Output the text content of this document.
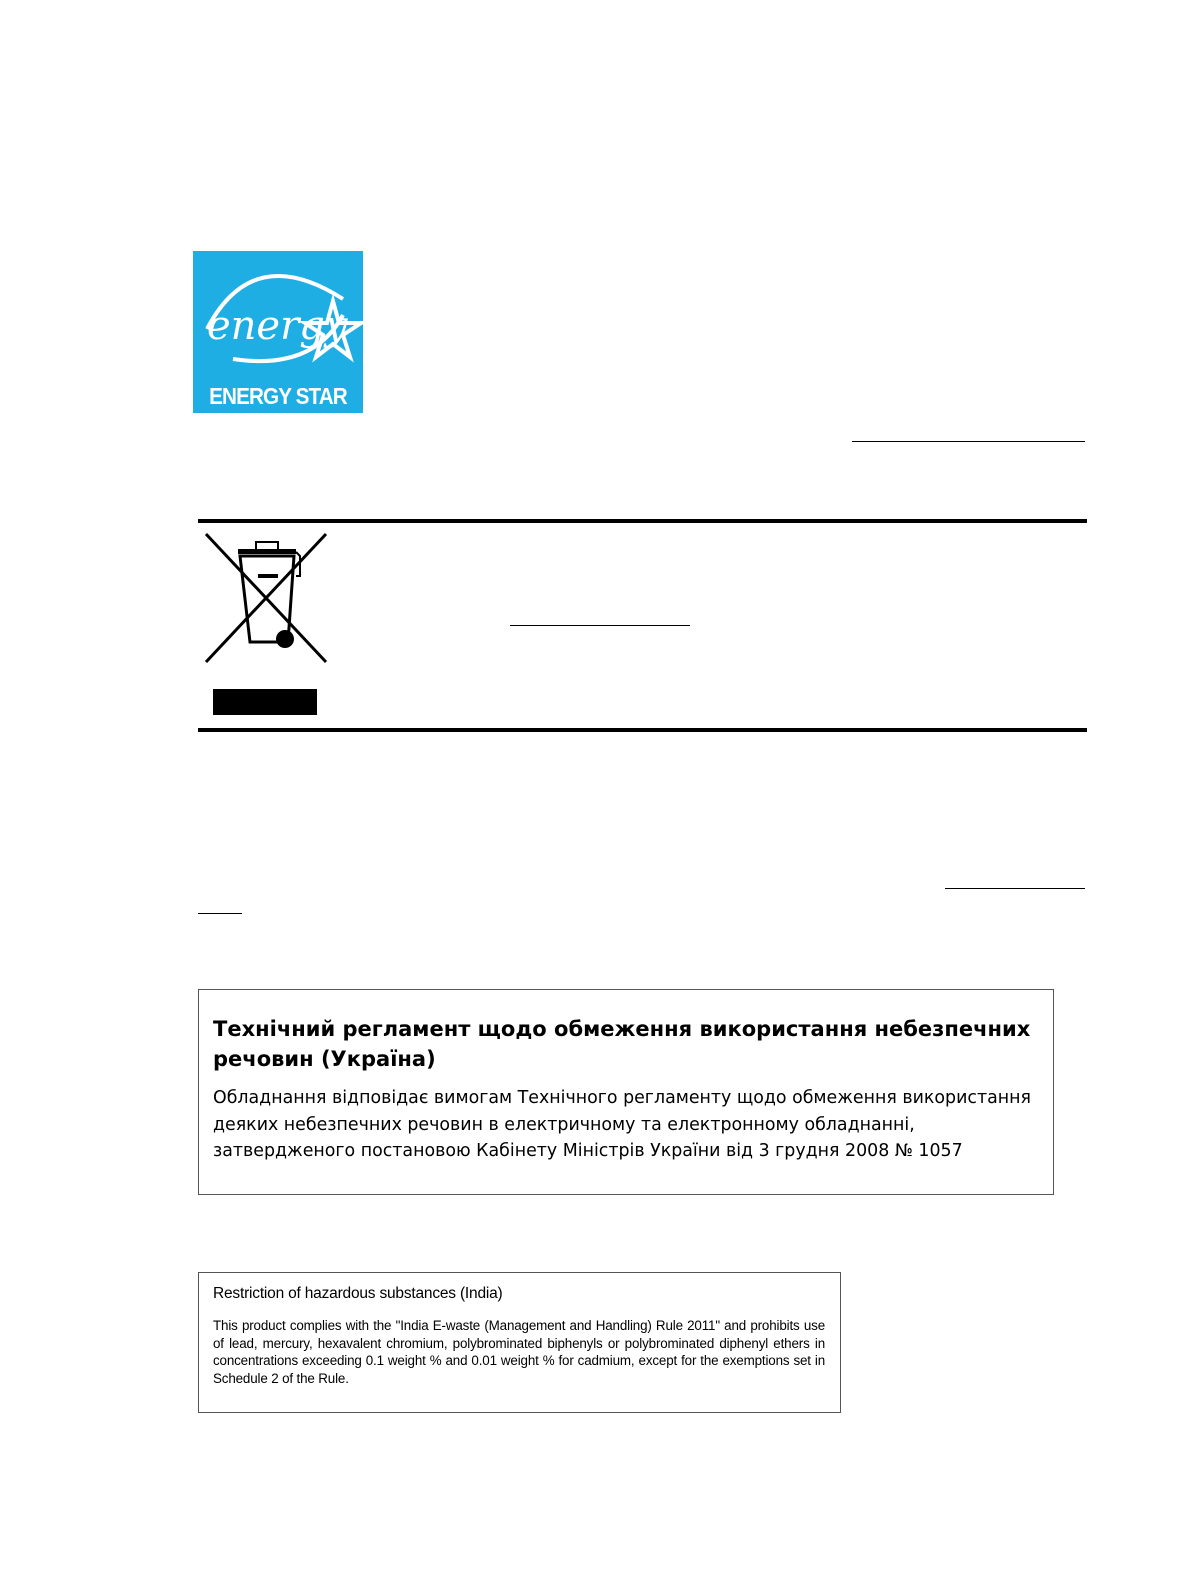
energy
ENERGY STAR
Технічний регламент щодо обмеження використання небезпечних речовин (Україна)
Обладнання відповідає вимогам Технічного регламенту щодо обмеження використання деяких небезпечних речовин в електричному та електронному обладнанні, затвердженого постановою Кабінету Міністрів України від 3 грудня 2008 № 1057
Restriction of hazardous substances (India)
This product complies with the "India E-waste (Management and Handling) Rule 2011" and prohibits use of lead, mercury, hexavalent chromium, polybrominated biphenyls or polybrominated diphenyl ethers in concentrations exceeding 0.1 weight % and 0.01 weight % for cadmium, except for the exemptions set in Schedule 2 of the Rule.
